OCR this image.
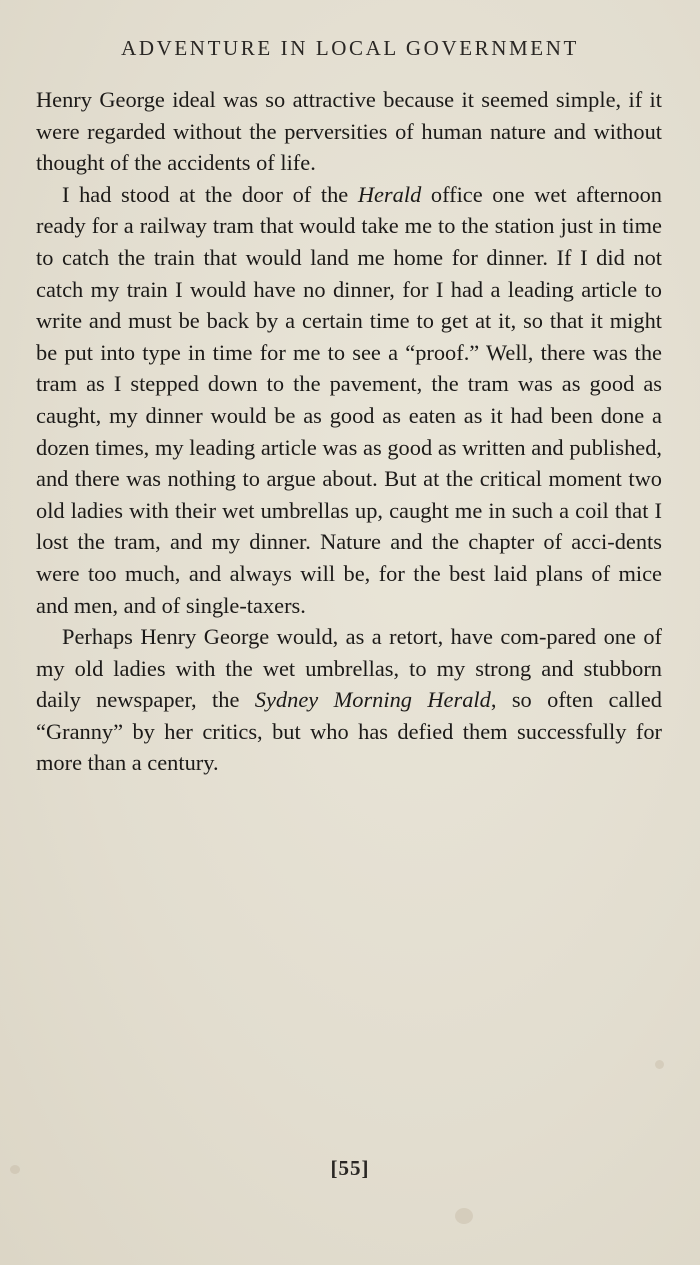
ADVENTURE IN LOCAL GOVERNMENT

Henry George ideal was so attractive because it seemed simple, if it were regarded without the perversities of human nature and without thought of the accidents of life.

I had stood at the door of the Herald office one wet afternoon ready for a railway tram that would take me to the station just in time to catch the train that would land me home for dinner. If I did not catch my train I would have no dinner, for I had a leading article to write and must be back by a certain time to get at it, so that it might be put into type in time for me to see a “proof.” Well, there was the tram as I stepped down to the pavement, the tram was as good as caught, my dinner would be as good as eaten as it had been done a dozen times, my leading article was as good as written and published, and there was nothing to argue about. But at the critical moment two old ladies with their wet umbrellas up, caught me in such a coil that I lost the tram, and my dinner. Nature and the chapter of acci-dents were too much, and always will be, for the best laid plans of mice and men, and of single-taxers.

Perhaps Henry George would, as a retort, have com-pared one of my old ladies with the wet umbrellas, to my strong and stubborn daily newspaper, the Sydney Morning Herald, so often called “Granny” by her critics, but who has defied them successfully for more than a century.

[55]
